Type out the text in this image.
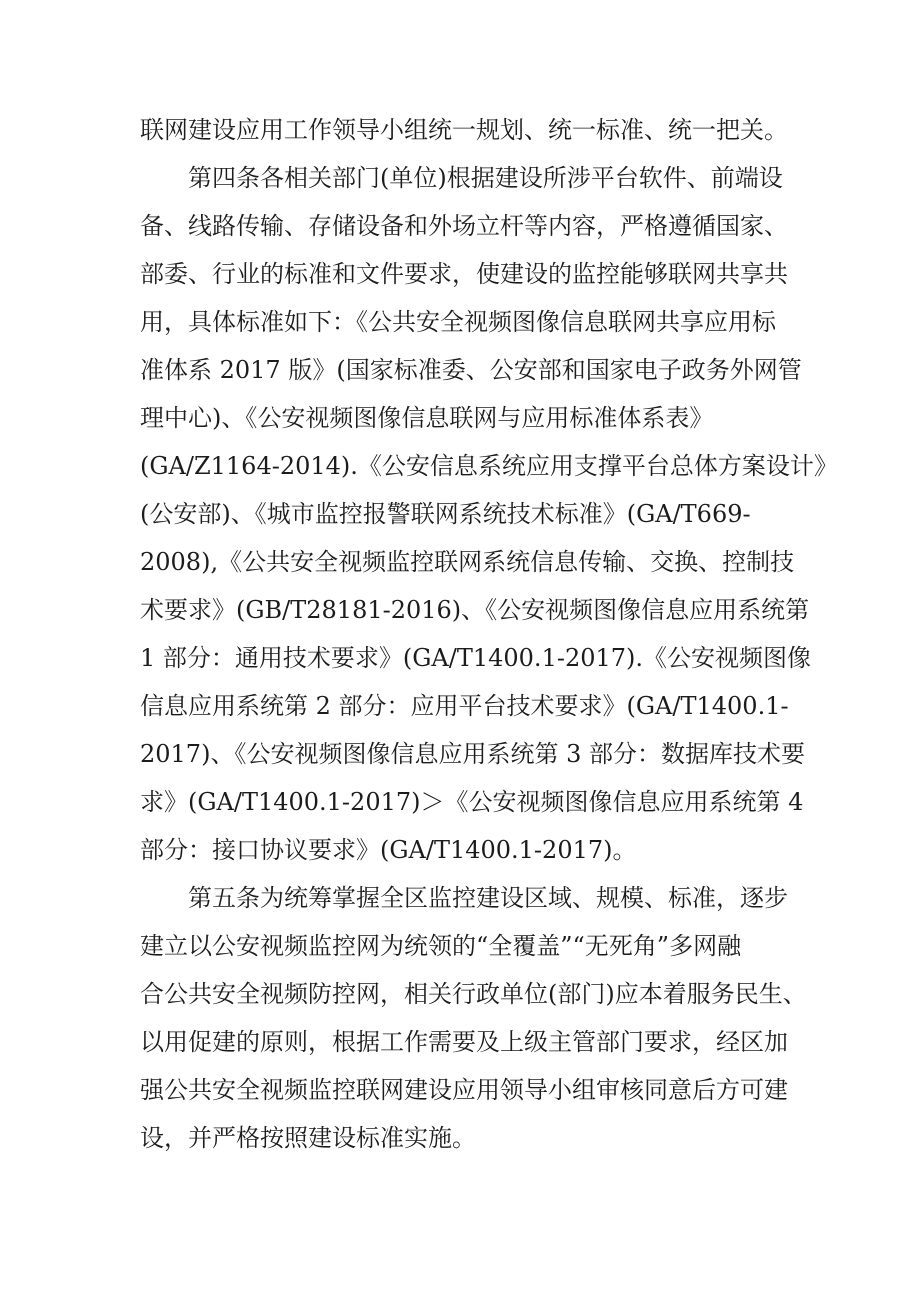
联网建设应用工作领导小组统一规划、统一标准、统一把关。
第四条各相关部门(单位)根据建设所涉平台软件、前端设
备、线路传输、存储设备和外场立杆等内容，严格遵循国家、
部委、行业的标准和文件要求，使建设的监控能够联网共享共
用，具体标准如下：《公共安全视频图像信息联网共享应用标
准体系 2017 版》(国家标准委、公安部和国家电子政务外网管
理中心)、《公安视频图像信息联网与应用标准体系表》
(GA/Z1164-2014).《公安信息系统应用支撑平台总体方案设计》
(公安部)、《城市监控报警联网系统技术标准》(GA/T669-
2008),《公共安全视频监控联网系统信息传输、交换、控制技
术要求》(GB/T28181-2016)、《公安视频图像信息应用系统第
1 部分：通用技术要求》(GA/T1400.1-2017).《公安视频图像
信息应用系统第 2 部分：应用平台技术要求》(GA/T1400.1-
2017)、《公安视频图像信息应用系统第 3 部分：数据库技术要
求》(GA/T1400.1-2017)＞《公安视频图像信息应用系统第 4
部分：接口协议要求》(GA/T1400.1-2017)。
第五条为统筹掌握全区监控建设区域、规模、标准，逐步
建立以公安视频监控网为统领的“全覆盖”“无死角”多网融
合公共安全视频防控网，相关行政单位(部门)应本着服务民生、
以用促建的原则，根据工作需要及上级主管部门要求，经区加
强公共安全视频监控联网建设应用领导小组审核同意后方可建
设，并严格按照建设标准实施。
